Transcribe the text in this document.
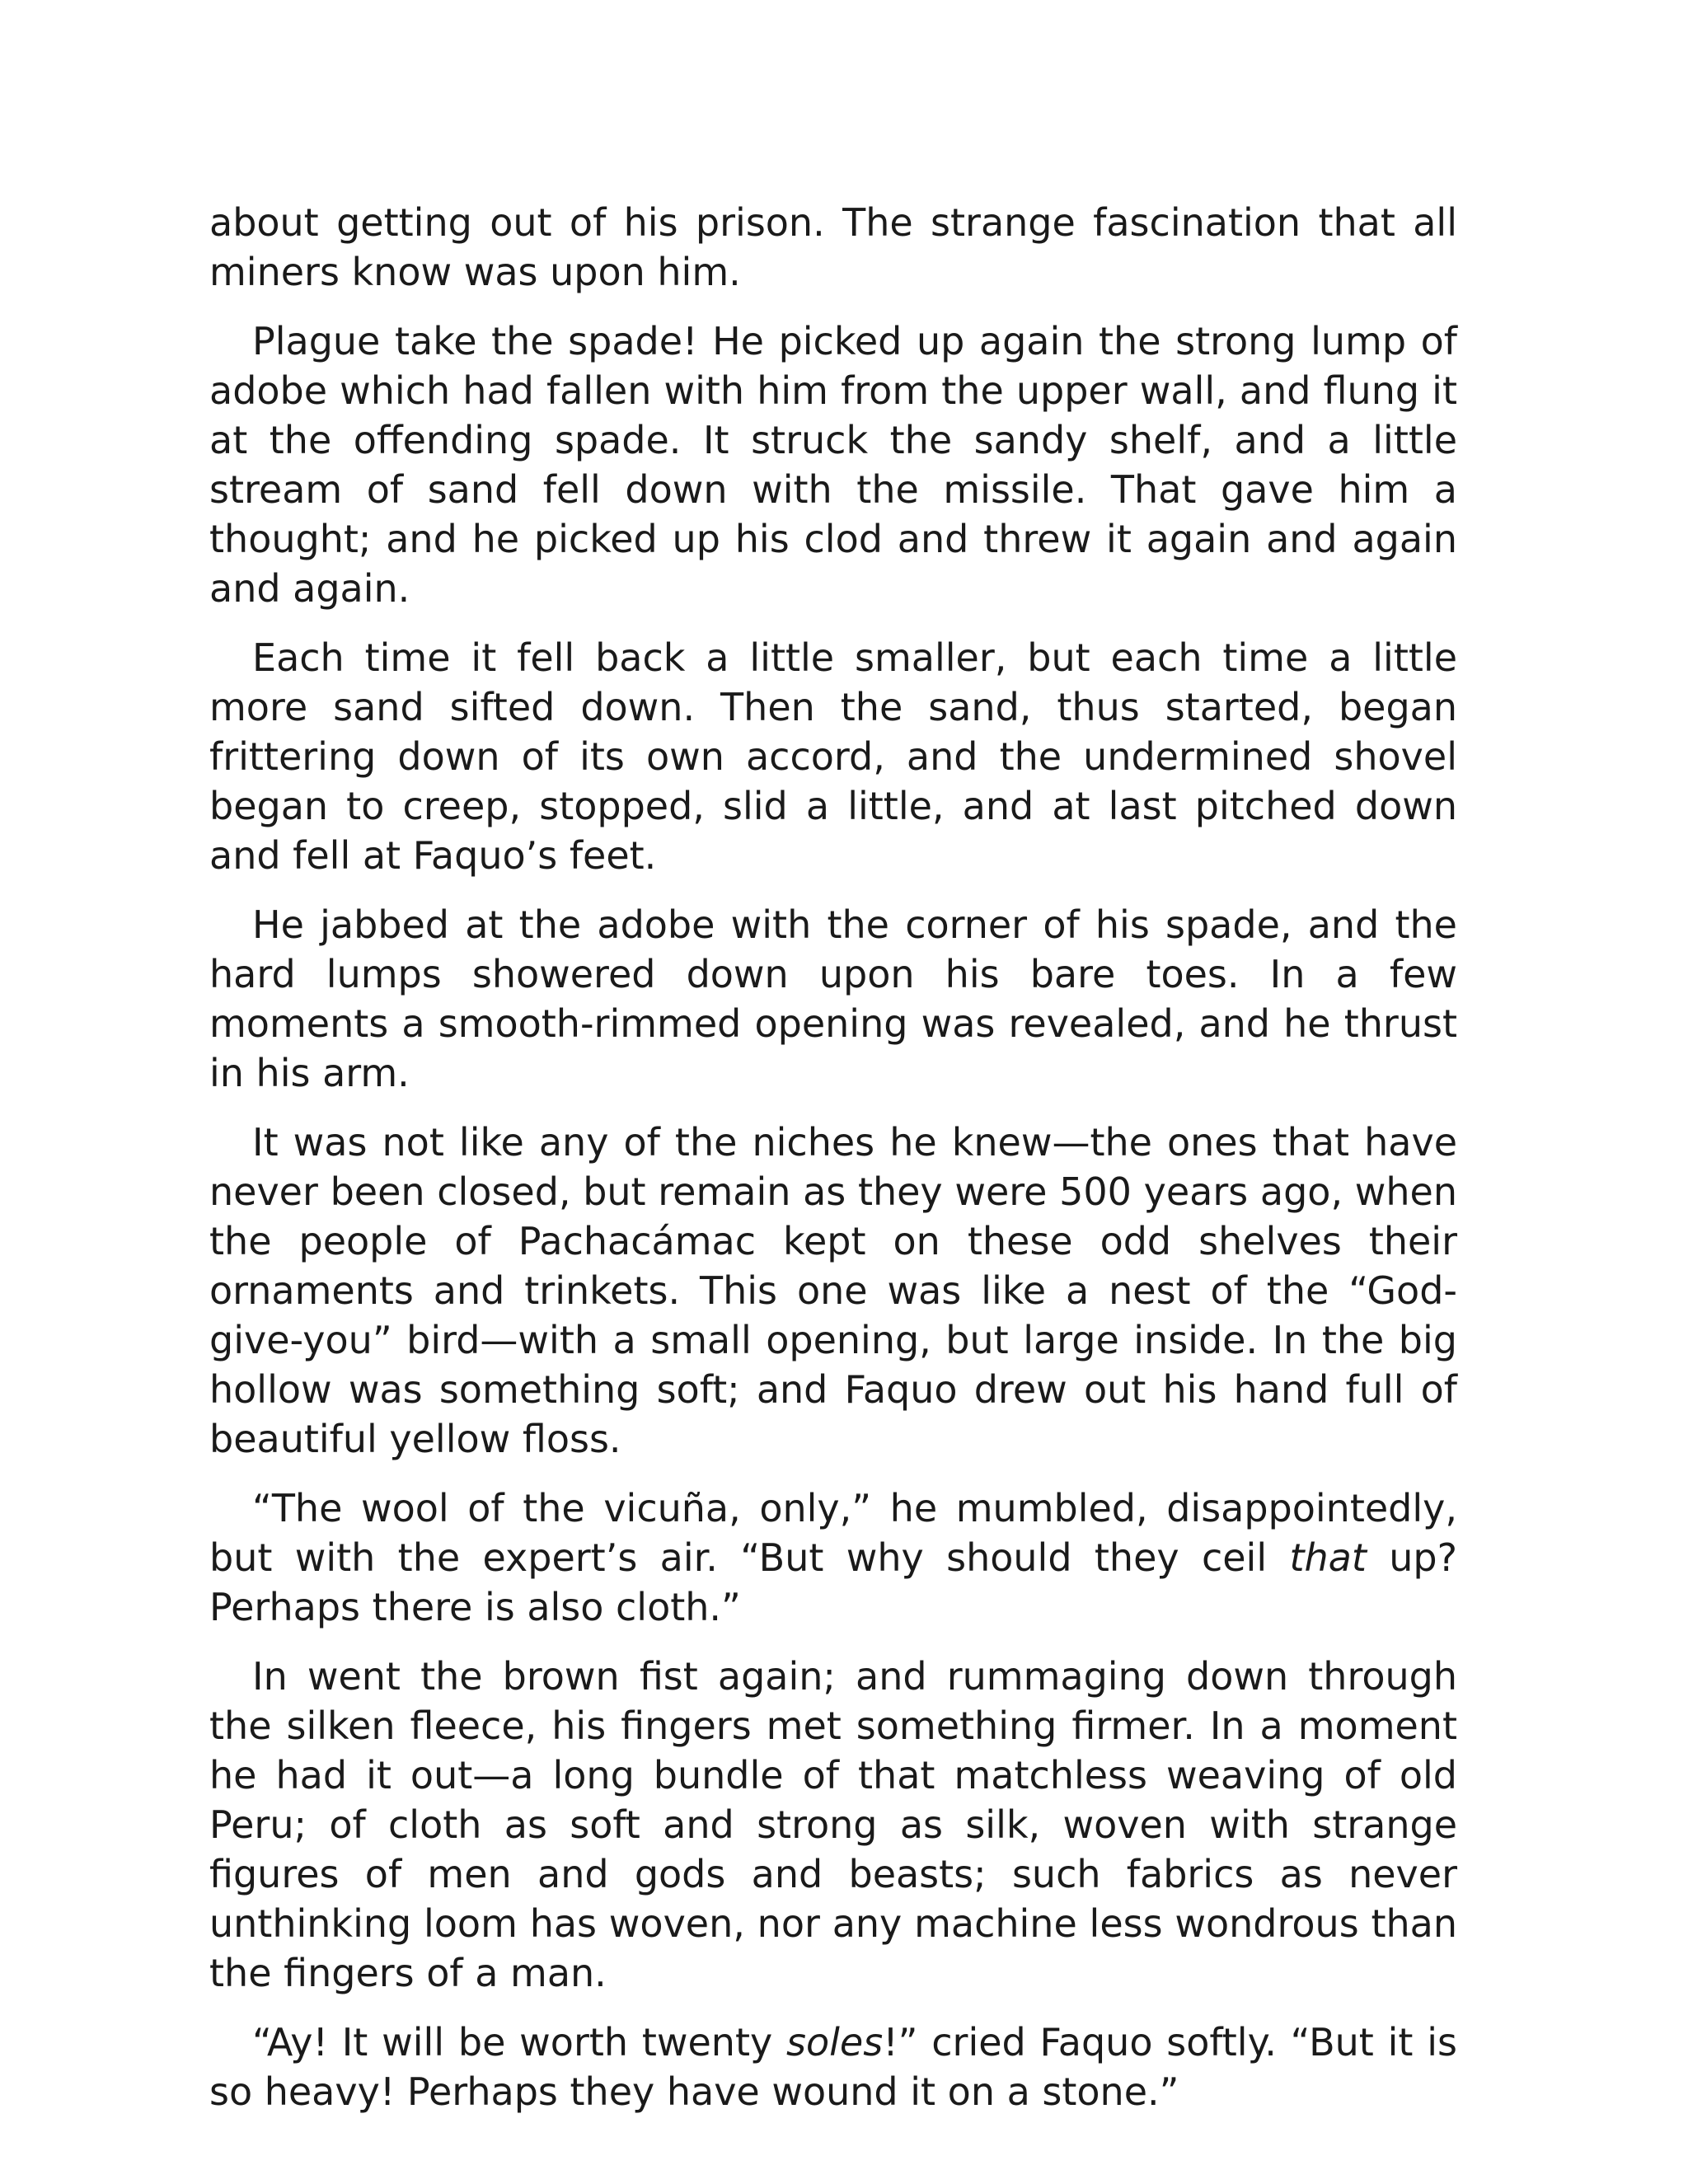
about getting out of his prison. The strange fascination that all miners know was upon him.

Plague take the spade! He picked up again the strong lump of adobe which had fallen with him from the upper wall, and flung it at the offending spade. It struck the sandy shelf, and a little stream of sand fell down with the missile. That gave him a thought; and he picked up his clod and threw it again and again and again.

Each time it fell back a little smaller, but each time a little more sand sifted down. Then the sand, thus started, began frittering down of its own accord, and the undermined shovel began to creep, stopped, slid a little, and at last pitched down and fell at Faquo’s feet.

He jabbed at the adobe with the corner of his spade, and the hard lumps showered down upon his bare toes. In a few moments a smooth-rimmed opening was revealed, and he thrust in his arm.

It was not like any of the niches he knew—the ones that have never been closed, but remain as they were 500 years ago, when the people of Pachacámac kept on these odd shelves their ornaments and trinkets. This one was like a nest of the “God-give-you” bird—with a small opening, but large inside. In the big hollow was something soft; and Faquo drew out his hand full of beautiful yellow floss.

“The wool of the vicuña, only,” he mumbled, disappointedly, but with the expert’s air. “But why should they ceil that up? Perhaps there is also cloth.”

In went the brown fist again; and rummaging down through the silken fleece, his fingers met something firmer. In a moment he had it out—a long bundle of that matchless weaving of old Peru; of cloth as soft and strong as silk, woven with strange figures of men and gods and beasts; such fabrics as never unthinking loom has woven, nor any machine less wondrous than the fingers of a man.

“Ay! It will be worth twenty soles!” cried Faquo softly. “But it is so heavy! Perhaps they have wound it on a stone.”
